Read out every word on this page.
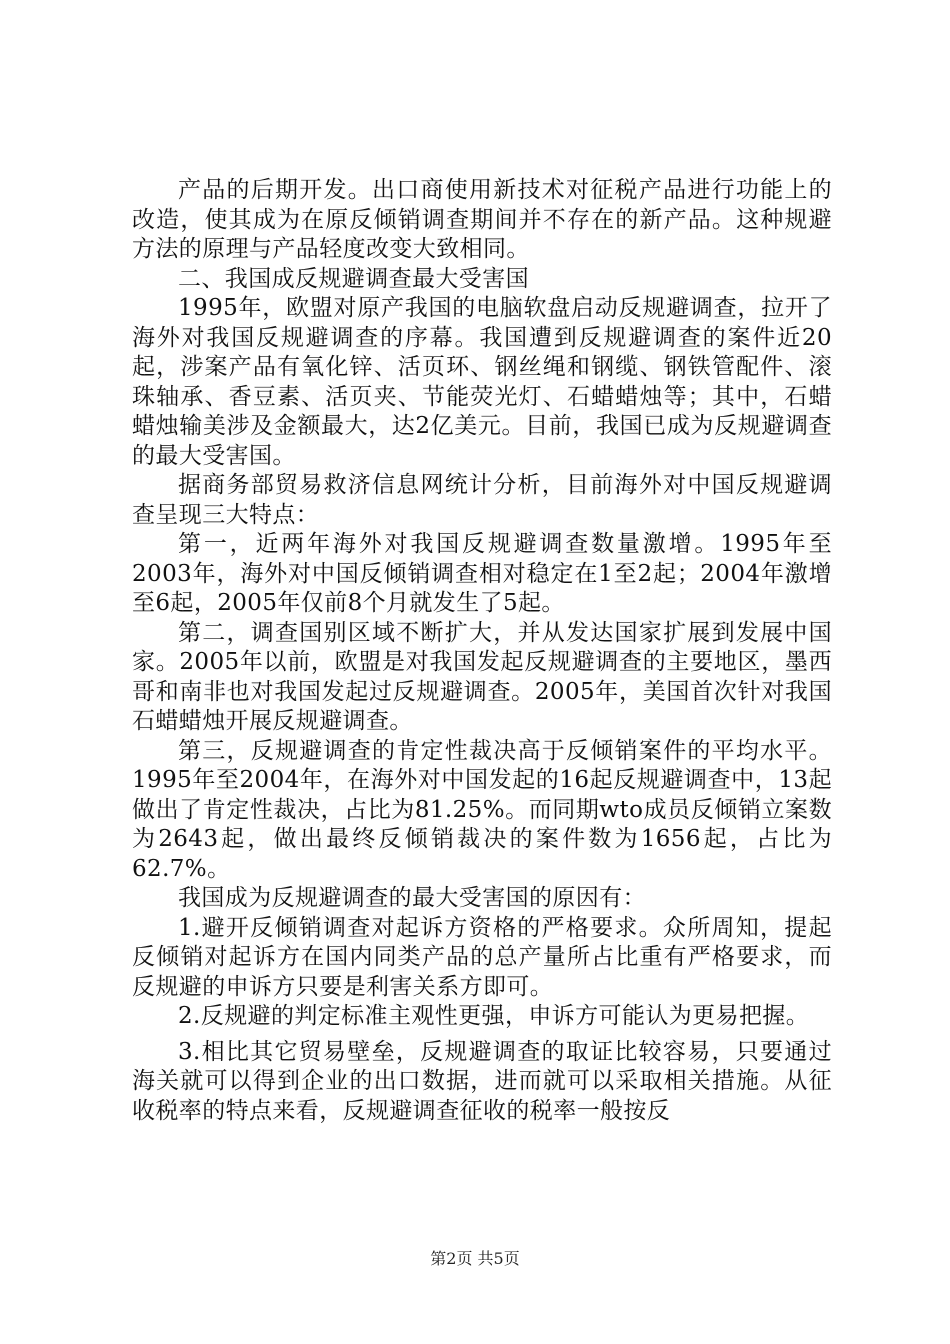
产品的后期开发。出口商使用新技术对征税产品进行功能上的改造，使其成为在原反倾销调查期间并不存在的新产品。这种规避方法的原理与产品轻度改变大致相同。

二、我国成反规避调查最大受害国

1995年，欧盟对原产我国的电脑软盘启动反规避调查，拉开了海外对我国反规避调查的序幕。我国遭到反规避调查的案件近20起，涉案产品有氧化锌、活页环、钢丝绳和钢缆、钢铁管配件、滚珠轴承、香豆素、活页夹、节能荧光灯、石蜡蜡烛等；其中，石蜡蜡烛输美涉及金额最大，达2亿美元。目前，我国已成为反规避调查的最大受害国。

据商务部贸易救济信息网统计分析，目前海外对中国反规避调查呈现三大特点：

第一，近两年海外对我国反规避调查数量激增。1995年至2003年，海外对中国反倾销调查相对稳定在1至2起；2004年激增至6起，2005年仅前8个月就发生了5起。

第二，调查国别区域不断扩大，并从发达国家扩展到发展中国家。2005年以前，欧盟是对我国发起反规避调查的主要地区，墨西哥和南非也对我国发起过反规避调查。2005年，美国首次针对我国石蜡蜡烛开展反规避调查。

第三，反规避调查的肯定性裁决高于反倾销案件的平均水平。1995年至2004年，在海外对中国发起的16起反规避调查中，13起做出了肯定性裁决，占比为81.25%。而同期wto成员反倾销立案数为2643起，做出最终反倾销裁决的案件数为1656起，占比为62.7%。

我国成为反规避调查的最大受害国的原因有：

1.避开反倾销调查对起诉方资格的严格要求。众所周知，提起反倾销对起诉方在国内同类产品的总产量所占比重有严格要求，而反规避的申诉方只要是利害关系方即可。

2.反规避的判定标准主观性更强，申诉方可能认为更易把握。

3.相比其它贸易壁垒，反规避调查的取证比较容易，只要通过海关就可以得到企业的出口数据，进而就可以采取相关措施。从征收税率的特点来看，反规避调查征收的税率一般按反

第2页 共5页
